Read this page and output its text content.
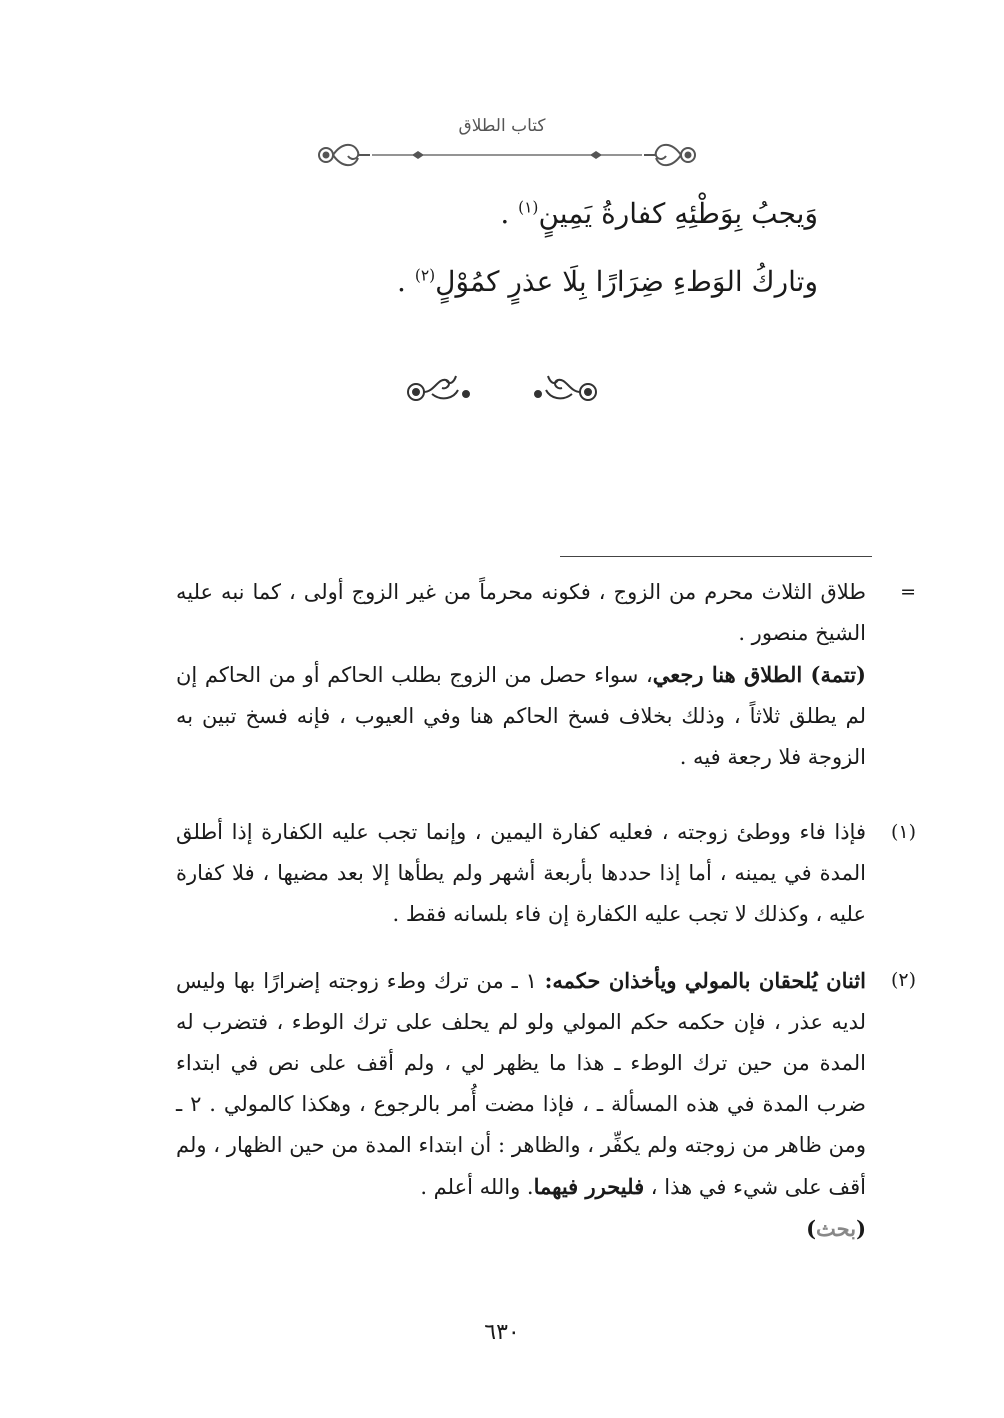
كتاب الطلاق
وَيجبُ بِوَطْئِهِ كفارةُ يَمِينٍ$^{(١)}$ .
وتاركُ الوَطءِ ضِرَارًا بِلَا عذرٍ كمُوْلٍ$^{(٢)}$ .
=

طلاق الثلاث محرم من الزوج ، فكونه محرماً من غير الزوج أولى ، كما نبه عليه الشيخ منصور .

(تتمة) الطلاق هنا رجعي، سواء حصل من الزوج بطلب الحاكم أو من الحاكم إن لم يطلق ثلاثاً ، وذلك بخلاف فسخ الحاكم هنا وفي العيوب ، فإنه فسخ تبين به الزوجة فلا رجعة فيه .

(١)

فإذا فاء ووطئ زوجته ، فعليه كفارة اليمين ، وإنما تجب عليه الكفارة إذا أطلق المدة في يمينه ، أما إذا حددها بأربعة أشهر ولم يطأها إلا بعد مضيها ، فلا كفارة عليه ، وكذلك لا تجب عليه الكفارة إن فاء بلسانه فقط .

(٢)

اثنان يُلحقان بالمولي ويأخذان حكمه: ١ ـ من ترك وطء زوجته إضرارًا بها وليس لديه عذر ، فإن حكمه حكم المولي ولو لم يحلف على ترك الوطء ، فتضرب له المدة من حين ترك الوطء ـ هذا ما يظهر لي ، ولم أقف على نص في ابتداء ضرب المدة في هذه المسألة ـ ، فإذا مضت أُمر بالرجوع ، وهكذا كالمولي . ٢ ـ ومن ظاهر من زوجته ولم يكفِّر ، والظاهر : أن ابتداء المدة من حين الظهار ، ولم أقف على شيء في هذا ، فليحرر فيهما. والله أعلم .
(بحث)

٦٣٠
